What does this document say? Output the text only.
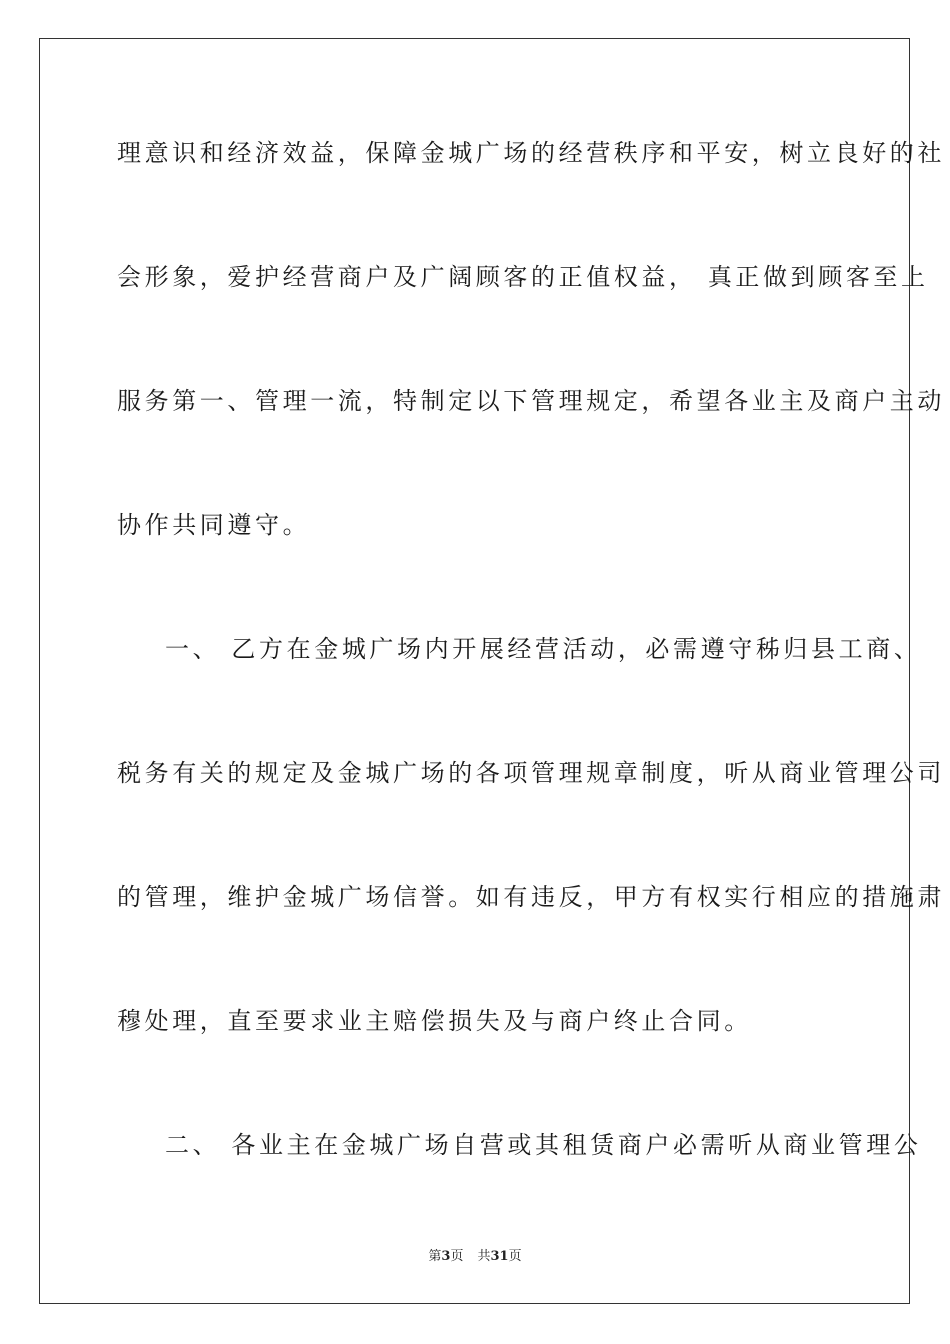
理意识和经济效益，保障金城广场的经营秩序和平安，树立良好的社
会形象，爱护经营商户及广阔顾客的正值权益， 真正做到顾客至上
服务第一、管理一流，特制定以下管理规定，希望各业主及商户主动
协作共同遵守。
一、 乙方在金城广场内开展经营活动，必需遵守秭归县工商、
税务有关的规定及金城广场的各项管理规章制度，听从商业管理公司
的管理，维护金城广场信誉。如有违反，甲方有权实行相应的措施肃
穆处理，直至要求业主赔偿损失及与商户终止合同。
二、 各业主在金城广场自营或其租赁商户必需听从商业管理公
第3页 共31页
